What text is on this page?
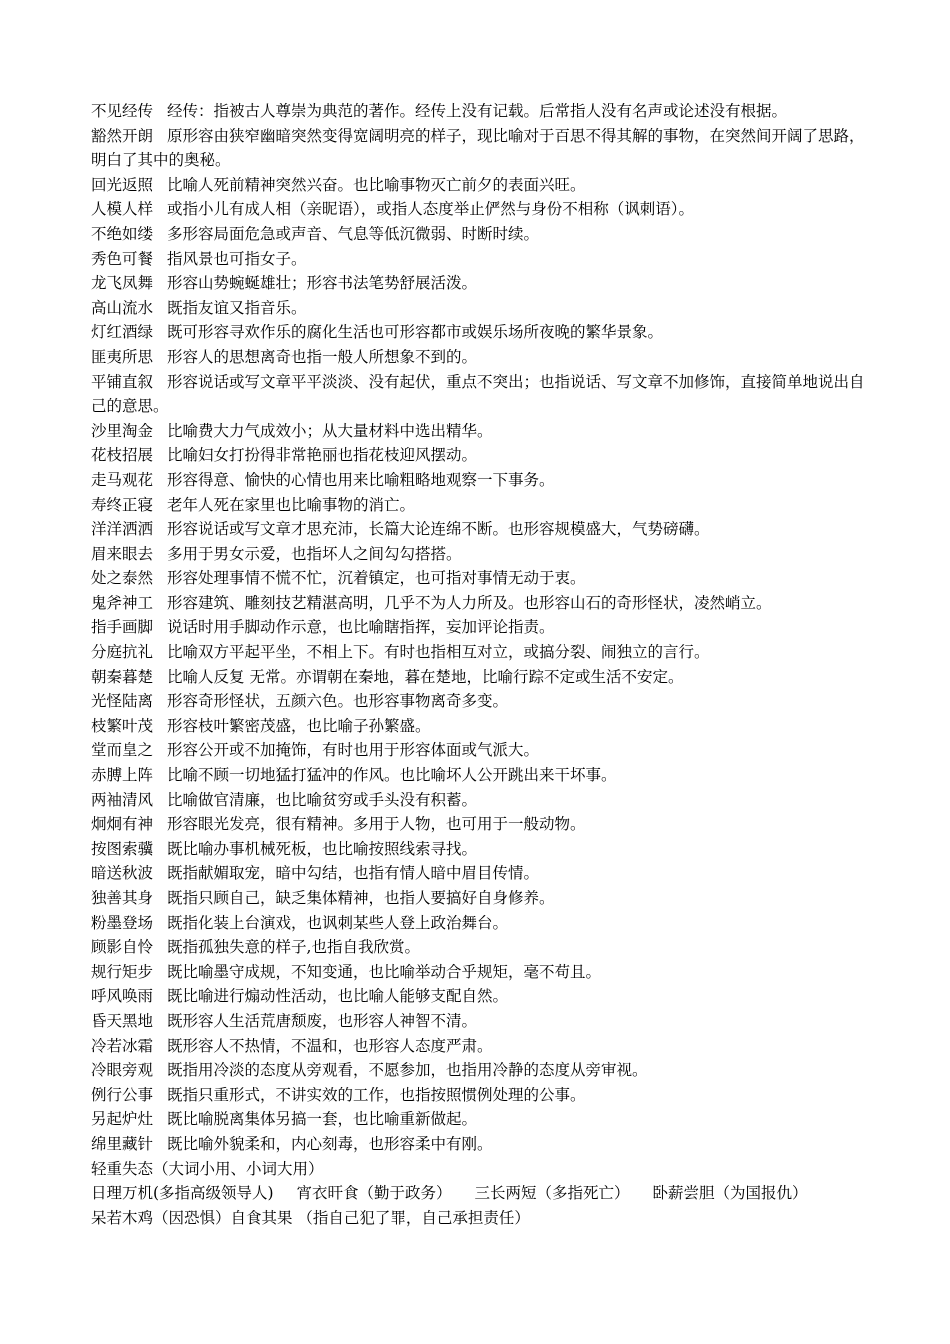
不见经传 经传：指被古人尊崇为典范的著作。经传上没有记载。后常指人没有名声或论述没有根据。

豁然开朗 原形容由狭窄幽暗突然变得宽阔明亮的样子，现比喻对于百思不得其解的事物，在突然间开阔了思路，明白了其中的奥秘。

回光返照 比喻人死前精神突然兴奋。也比喻事物灭亡前夕的表面兴旺。

人模人样 或指小儿有成人相（亲昵语），或指人态度举止俨然与身份不相称（讽刺语）。

不绝如缕 多形容局面危急或声音、气息等低沉微弱、时断时续。

秀色可餐 指风景也可指女子。

龙飞凤舞 形容山势蜿蜒雄壮；形容书法笔势舒展活泼。

高山流水 既指友谊又指音乐。

灯红酒绿 既可形容寻欢作乐的腐化生活也可形容都市或娱乐场所夜晚的繁华景象。

匪夷所思 形容人的思想离奇也指一般人所想象不到的。

平铺直叙 形容说话或写文章平平淡淡、没有起伏，重点不突出；也指说话、写文章不加修饰，直接简单地说出自己的意思。

沙里淘金 比喻费大力气成效小；从大量材料中选出精华。

花枝招展 比喻妇女打扮得非常艳丽也指花枝迎风摆动。

走马观花 形容得意、愉快的心情也用来比喻粗略地观察一下事务。

寿终正寝 老年人死在家里也比喻事物的消亡。

洋洋洒洒 形容说话或写文章才思充沛，长篇大论连绵不断。也形容规模盛大，气势磅礴。

眉来眼去 多用于男女示爱，也指坏人之间勾勾搭搭。

处之泰然 形容处理事情不慌不忙，沉着镇定，也可指对事情无动于衷。

鬼斧神工 形容建筑、雕刻技艺精湛高明，几乎不为人力所及。也形容山石的奇形怪状，凌然峭立。

指手画脚 说话时用手脚动作示意，也比喻瞎指挥，妄加评论指责。

分庭抗礼 比喻双方平起平坐，不相上下。有时也指相互对立，或搞分裂、闹独立的言行。

朝秦暮楚 比喻人反复 无常。亦谓朝在秦地，暮在楚地，比喻行踪不定或生活不安定。

光怪陆离 形容奇形怪状，五颜六色。也形容事物离奇多变。

枝繁叶茂 形容枝叶繁密茂盛，也比喻子孙繁盛。

堂而皇之 形容公开或不加掩饰，有时也用于形容体面或气派大。

赤膊上阵 比喻不顾一切地猛打猛冲的作风。也比喻坏人公开跳出来干坏事。

两袖清风 比喻做官清廉，也比喻贫穷或手头没有积蓄。

炯炯有神 形容眼光发亮，很有精神。多用于人物，也可用于一般动物。

按图索骥 既比喻办事机械死板，也比喻按照线索寻找。

暗送秋波 既指献媚取宠，暗中勾结，也指有情人暗中眉目传情。

独善其身 既指只顾自己，缺乏集体精神，也指人要搞好自身修养。

粉墨登场 既指化装上台演戏，也讽刺某些人登上政治舞台。

顾影自怜 既指孤独失意的样子,也指自我欣赏。

规行矩步 既比喻墨守成规，不知变通，也比喻举动合乎规矩，毫不苟且。

呼风唤雨 既比喻进行煽动性活动，也比喻人能够支配自然。

昏天黑地 既形容人生活荒唐颓废，也形容人神智不清。

冷若冰霜 既形容人不热情，不温和，也形容人态度严肃。

冷眼旁观 既指用冷淡的态度从旁观看，不愿参加，也指用冷静的态度从旁审视。

例行公事 既指只重形式，不讲实效的工作，也指按照惯例处理的公事。

另起炉灶 既比喻脱离集体另搞一套，也比喻重新做起。

绵里藏针 既比喻外貌柔和，内心刻毒，也形容柔中有刚。

轻重失态（大词小用、小词大用）

日理万机(多指高级领导人) 宵衣旰食（勤于政务） 三长两短（多指死亡） 卧薪尝胆（为国报仇）

呆若木鸡（因恐惧）自食其果 （指自己犯了罪，自己承担责任）
